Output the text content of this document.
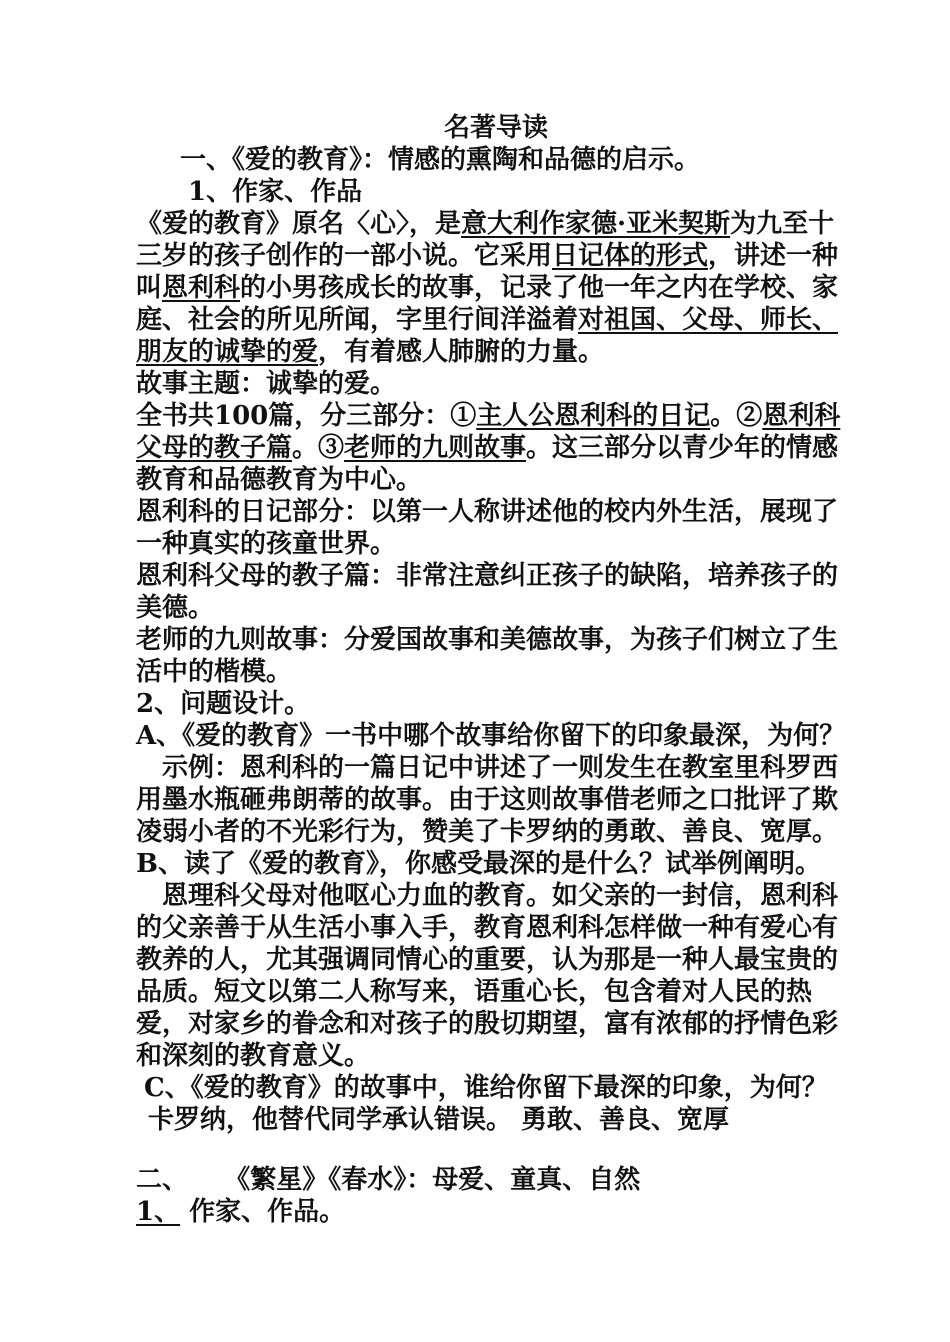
名著导读

一、《爱的教育》：情感的熏陶和品德的启示。

1、作家、作品

《爱的教育》原名〈心〉，是意大利作家德·亚米契斯为九至十三岁的孩子创作的一部小说。它采用日记体的形式，讲述一种叫恩利科的小男孩成长的故事，记录了他一年之内在学校、家庭、社会的所见所闻，字里行间洋溢着对祖国、父母、师长、朋友的诚挚的爱，有着感人肺腑的力量。

故事主题：诚挚的爱。

全书共100篇，分三部分：①主人公恩利科的日记。②恩利科父母的教子篇。③老师的九则故事。这三部分以青少年的情感教育和品德教育为中心。

恩利科的日记部分：以第一人称讲述他的校内外生活，展现了一种真实的孩童世界。

恩利科父母的教子篇：非常注意纠正孩子的缺陷，培养孩子的美德。

老师的九则故事：分爱国故事和美德故事，为孩子们树立了生活中的楷模。

2、问题设计。

A、《爱的教育》一书中哪个故事给你留下的印象最深，为何？

示例：恩利科的一篇日记中讲述了一则发生在教室里科罗西用墨水瓶砸弗朗蒂的故事。由于这则故事借老师之口批评了欺凌弱小者的不光彩行为，赞美了卡罗纳的勇敢、善良、宽厚。

B、读了《爱的教育》，你感受最深的是什么？试举例阐明。

恩理科父母对他呕心力血的教育。如父亲的一封信，恩利科的父亲善于从生活小事入手，教育恩利科怎样做一种有爱心有教养的人，尤其强调同情心的重要，认为那是一种人最宝贵的品质。短文以第二人称写来，语重心长，包含着对人民的热爱，对家乡的眷念和对孩子的殷切期望，富有浓郁的抒情色彩和深刻的教育意义。

C、《爱的教育》的故事中，谁给你留下最深的印象，为何？

卡罗纳，他替代同学承认错误。 勇敢、善良、宽厚

二、    《繁星》《春水》：母爱、童真、自然

1、 作家、作品。
